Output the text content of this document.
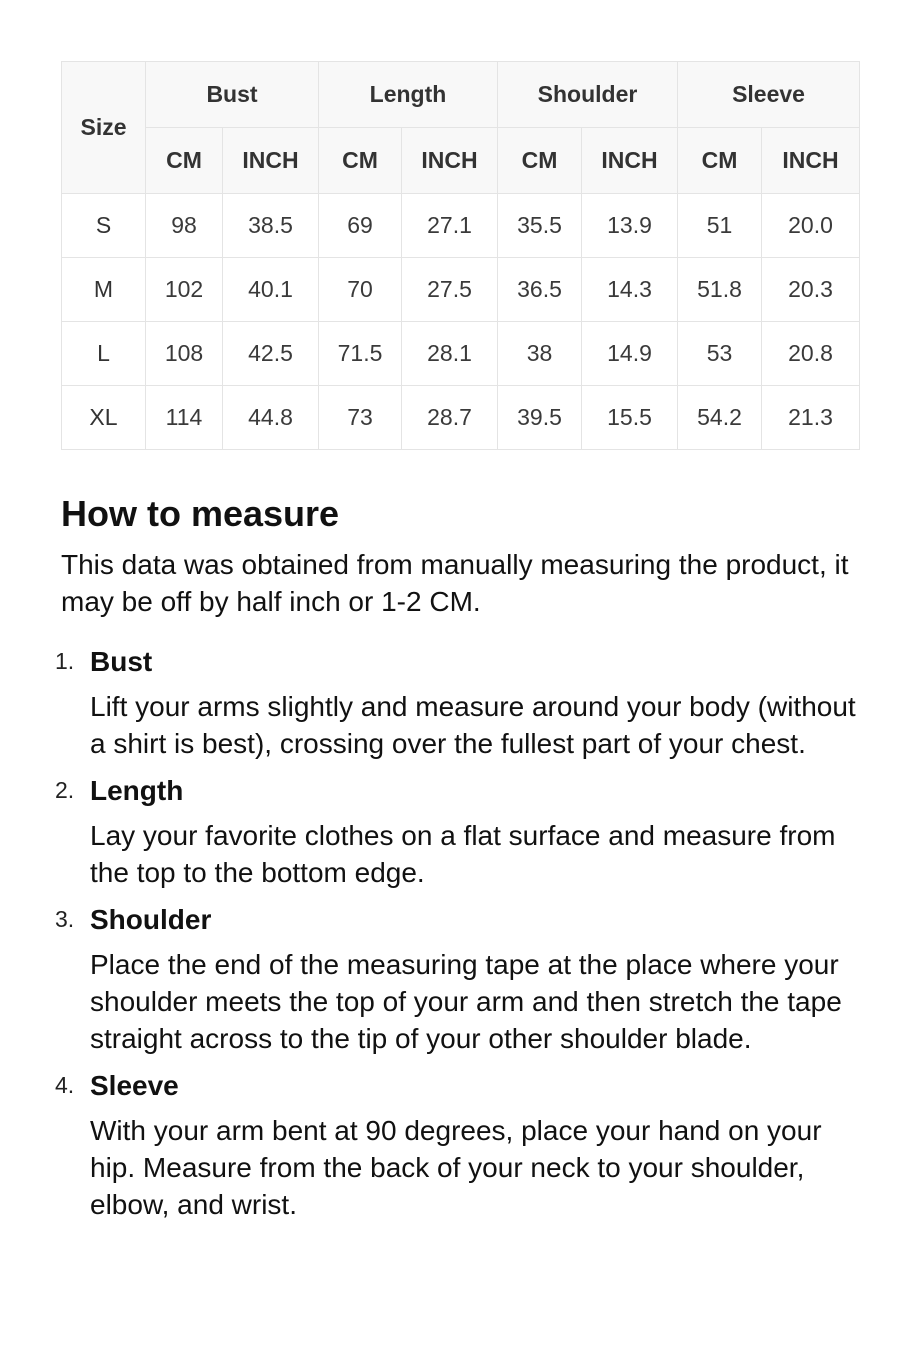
Size	Bust		Length		Shoulder		Sleeve	
	CM	INCH	CM	INCH	CM	INCH	CM	INCH
S	98	38.5	69	27.1	35.5	13.9	51	20.0
M	102	40.1	70	27.5	36.5	14.3	51.8	20.3
L	108	42.5	71.5	28.1	38	14.9	53	20.8
XL	114	44.8	73	28.7	39.5	15.5	54.2	21.3
How to measure

This data was obtained from manually measuring the product, it may be off by half inch or 1-2 CM.

1. Bust
Lift your arms slightly and measure around your body (without a shirt is best), crossing over the fullest part of your chest.
2. Length
Lay your favorite clothes on a flat surface and measure from the top to the bottom edge.
3. Shoulder
Place the end of the measuring tape at the place where your shoulder meets the top of your arm and then stretch the tape straight across to the tip of your other shoulder blade.
4. Sleeve
With your arm bent at 90 degrees, place your hand on your hip. Measure from the back of your neck to your shoulder, elbow, and wrist.
